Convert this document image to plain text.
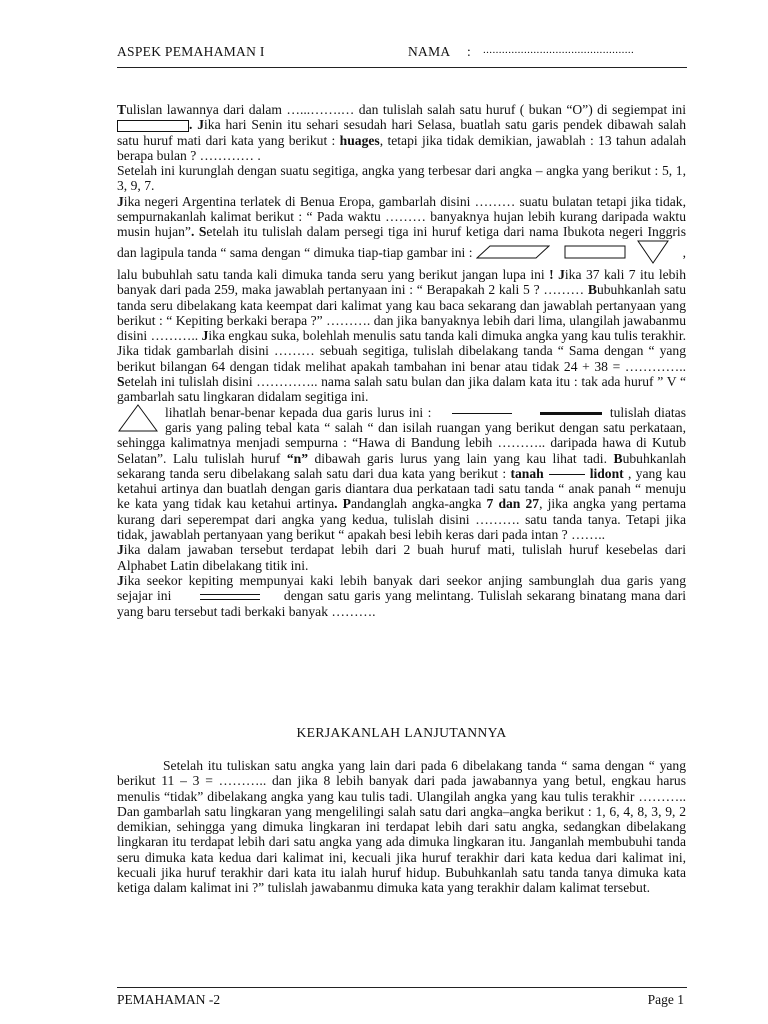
ASPEK PEMAHAMAN I	NAMA : ................................................

Tulislan lawannya dari dalam …...…….… dan tulislah salah satu huruf ( bukan “O”) di segiempat ini . Jika hari Senin itu sehari sesudah hari Selasa, buatlah satu garis pendek dibawah salah satu huruf mati dari kata yang berikut : huages, tetapi jika tidak demikian, jawablah : 13 tahun adalah berapa bulan ? ………… .

Setelah ini kurunglah dengan suatu segitiga, angka yang terbesar dari angka – angka yang berikut : 5, 1, 3, 9, 7.

Jika negeri Argentina terlatek di Benua Eropa, gambarlah disini ……… suatu bulatan tetapi jika tidak, sempurnakanlah kalimat berikut : “ Pada waktu ……… banyaknya hujan lebih kurang daripada waktu musin hujan”. Setelah itu tulislah dalam persegi tiga ini huruf ketiga dari nama Ibukota negeri Inggris dan lagipula tanda “ sama dengan “ dimuka tiap-tiap gambar ini :	, lalu bubuhlah satu tanda kali dimuka tanda seru yang berikut jangan lupa ini ! Jika 37 kali 7 itu lebih banyak dari pada 259, maka jawablah pertanyaan ini : “ Berapakah 2 kali 5 ? ……… Bubuhkanlah satu tanda seru dibelakang kata keempat dari kalimat yang kau baca sekarang dan jawablah pertanyaan yang berikut : “ Kepiting berkaki berapa ?” ………. dan jika banyaknya lebih dari lima, ulangilah jawabanmu disini ……….. Jika engkau suka, bolehlah menulis satu tanda kali dimuka angka yang kau tulis terakhir. Jika tidak gambarlah disini ……… sebuah segitiga, tulislah dibelakang tanda “ Sama dengan “ yang berikut bilangan 64 dengan tidak melihat apakah tambahan ini benar atau tidak 24 + 38 = ………….. Setelah ini tulislah disini ………….. nama salah satu bulan dan jika dalam kata itu : tak ada huruf ” V “ gambarlah satu lingkaran didalam segitiga ini.

lihatlah benar-benar kepada dua garis lurus ini :	tulislah diatas garis yang paling tebal kata “ salah “ dan isilah ruangan yang berikut dengan satu perkataan, sehingga kalimatnya menjadi sempurna : “Hawa di Bandung lebih ……….. daripada hawa di Kutub Selatan”. Lalu tulislah huruf “n” dibawah garis lurus yang lain yang kau lihat tadi. Bubuhkanlah sekarang tanda seru dibelakang salah satu dari dua kata yang berikut : tanah	lidont , yang kau ketahui artinya dan buatlah dengan garis diantara dua perkataan tadi satu tanda “ anak panah “ menuju ke kata yang tidak kau ketahui artinya. Pandanglah angka-angka 7 dan 27, jika angka yang pertama kurang dari seperempat dari angka yang kedua, tulislah disini ………. satu tanda tanya. Tetapi jika tidak, jawablah pertanyaan yang berikut “ apakah besi lebih keras dari pada intan ? ……..
Jika dalam jawaban tersebut terdapat lebih dari 2 buah huruf mati, tulislah huruf kesebelas dari Alphabet Latin dibelakang titik ini.
Jika seekor kepiting mempunyai kaki lebih banyak dari seekor anjing sambunglah dua garis yang sejajar ini	dengan satu garis yang melintang. Tulislah sekarang binatang mana dari yang baru tersebut tadi berkaki banyak ……….

KERJAKANLAH LANJUTANNYA

Setelah itu tuliskan satu angka yang lain dari pada 6 dibelakang tanda “ sama dengan “ yang berikut 11 – 3 = ……….. dan jika 8 lebih banyak dari pada jawabannya yang betul, engkau harus menulis “tidak” dibelakang angka yang kau tulis tadi. Ulangilah angka yang kau tulis terakhir ……….. Dan gambarlah satu lingkaran yang mengelilingi salah satu dari angka–angka berikut : 1, 6, 4, 8, 3, 9, 2 demikian, sehingga yang dimuka lingkaran ini terdapat lebih dari satu angka, sedangkan dibelakang lingkaran itu terdapat lebih dari satu angka yang ada dimuka lingkaran itu. Janganlah membubuhi tanda seru dimuka kata kedua dari kalimat ini, kecuali jika huruf terakhir dari kata kedua dari kalimat ini, kecuali jika huruf terakhir dari kata itu ialah huruf hidup. Bubuhkanlah satu tanda tanya dimuka kata ketiga dalam kalimat ini ?” tulislah jawabanmu dimuka kata yang terakhir dalam kalimat tersebut.

PEMAHAMAN -2	Page 1
